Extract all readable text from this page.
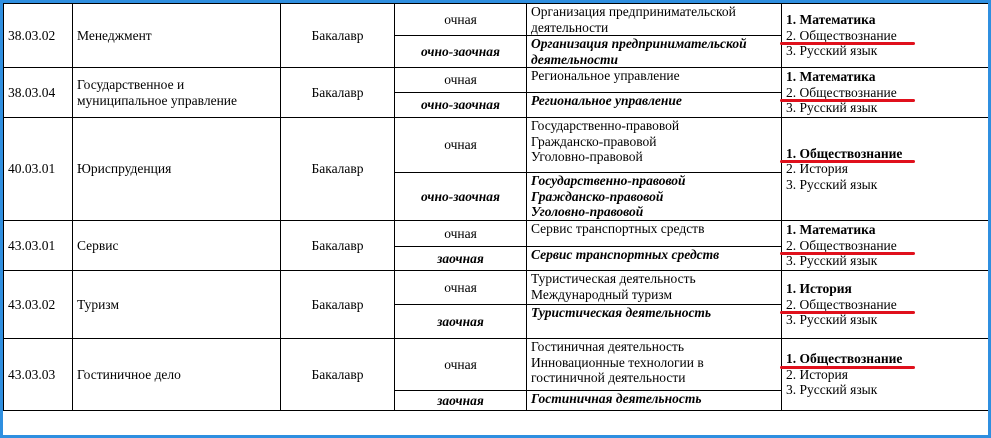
38.03.02	Менеджмент	Бакалавр	очная	Организация предпринимательской
деятельности	1. Математика
2. Обществознание
3. Русский язык

			очно-заочная	Организация предпринимательской
деятельности	

38.03.04	Государственное и муниципальное управление	Бакалавр	очная	Региональное управление	1. Математика
2. Обществознание
3. Русский язык

			очно-заочная	Региональное управление	

40.03.01	Юриспруденция	Бакалавр	очная	Государственно-правовой
Гражданско-правовой
Уголовно-правовой	1. Обществознание
2. История
3. Русский язык

			очно-заочная	Государственно-правовой
Гражданско-правовой
Уголовно-правовой	

43.03.01	Сервис	Бакалавр	очная	Сервис транспортных средств	1. Математика
2. Обществознание
3. Русский язык

			заочная	Сервис транспортных средств	

43.03.02	Туризм	Бакалавр	очная	Туристическая деятельность
Международный туризм	1. История
2. Обществознание
3. Русский язык

			заочная	Туристическая деятельность	

43.03.03	Гостиничное дело	Бакалавр	очная	Гостиничная деятельность
Инновационные технологии в
гостиничной деятельности	1. Обществознание
2. История
3. Русский язык

			заочная	Гостиничная деятельность	
